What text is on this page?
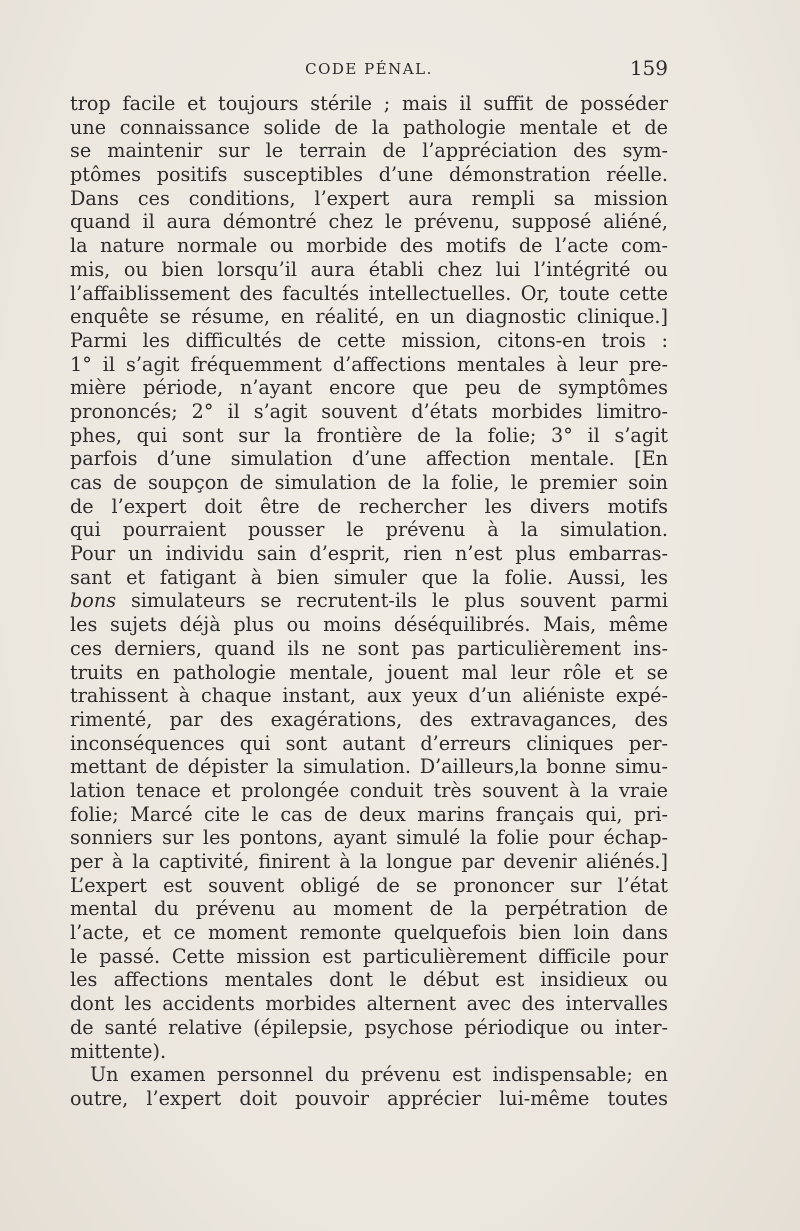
CODE PÉNAL.	159
trop facile et toujours stérile ; mais il suffit de posséder
une connaissance solide de la pathologie mentale et de
se maintenir sur le terrain de l’appréciation des sym-
ptômes positifs susceptibles d’une démonstration réelle.
Dans ces conditions, l’expert aura rempli sa mission
quand il aura démontré chez le prévenu, supposé aliéné,
la nature normale ou morbide des motifs de l’acte com-
mis, ou bien lorsqu’il aura établi chez lui l’intégrité ou
l’affaiblissement des facultés intellectuelles. Or, toute cette
enquête se résume, en réalité, en un diagnostic clinique.]
Parmi les difficultés de cette mission, citons-en trois :
1° il s’agit fréquemment d’affections mentales à leur pre-
mière période, n’ayant encore que peu de symptômes
prononcés; 2° il s’agit souvent d’états morbides limitro-
phes, qui sont sur la frontière de la folie; 3° il s’agit
parfois d’une simulation d’une affection mentale. [En
cas de soupçon de simulation de la folie, le premier soin
de l’expert doit être de rechercher les divers motifs
qui pourraient pousser le prévenu à la simulation.
Pour un individu sain d’esprit, rien n’est plus embarras-
sant et fatigant à bien simuler que la folie. Aussi, les
bons simulateurs se recrutent-ils le plus souvent parmi
les sujets déjà plus ou moins déséquilibrés. Mais, même
ces derniers, quand ils ne sont pas particulièrement ins-
truits en pathologie mentale, jouent mal leur rôle et se
trahissent à chaque instant, aux yeux d’un aliéniste expé-
rimenté, par des exagérations, des extravagances, des
inconséquences qui sont autant d’erreurs cliniques per-
mettant de dépister la simulation. D’ailleurs,la bonne simu-
lation tenace et prolongée conduit très souvent à la vraie
folie; Marcé cite le cas de deux marins français qui, pri-
sonniers sur les pontons, ayant simulé la folie pour échap-
per à la captivité, finirent à la longue par devenir aliénés.]
L’expert est souvent obligé de se prononcer sur l’état
mental du prévenu au moment de la perpétration de
l’acte, et ce moment remonte quelquefois bien loin dans
le passé. Cette mission est particulièrement difficile pour
les affections mentales dont le début est insidieux ou
dont les accidents morbides alternent avec des intervalles
de santé relative (épilepsie, psychose périodique ou inter-
mittente).
Un examen personnel du prévenu est indispensable; en
outre, l’expert doit pouvoir apprécier lui-même toutes
